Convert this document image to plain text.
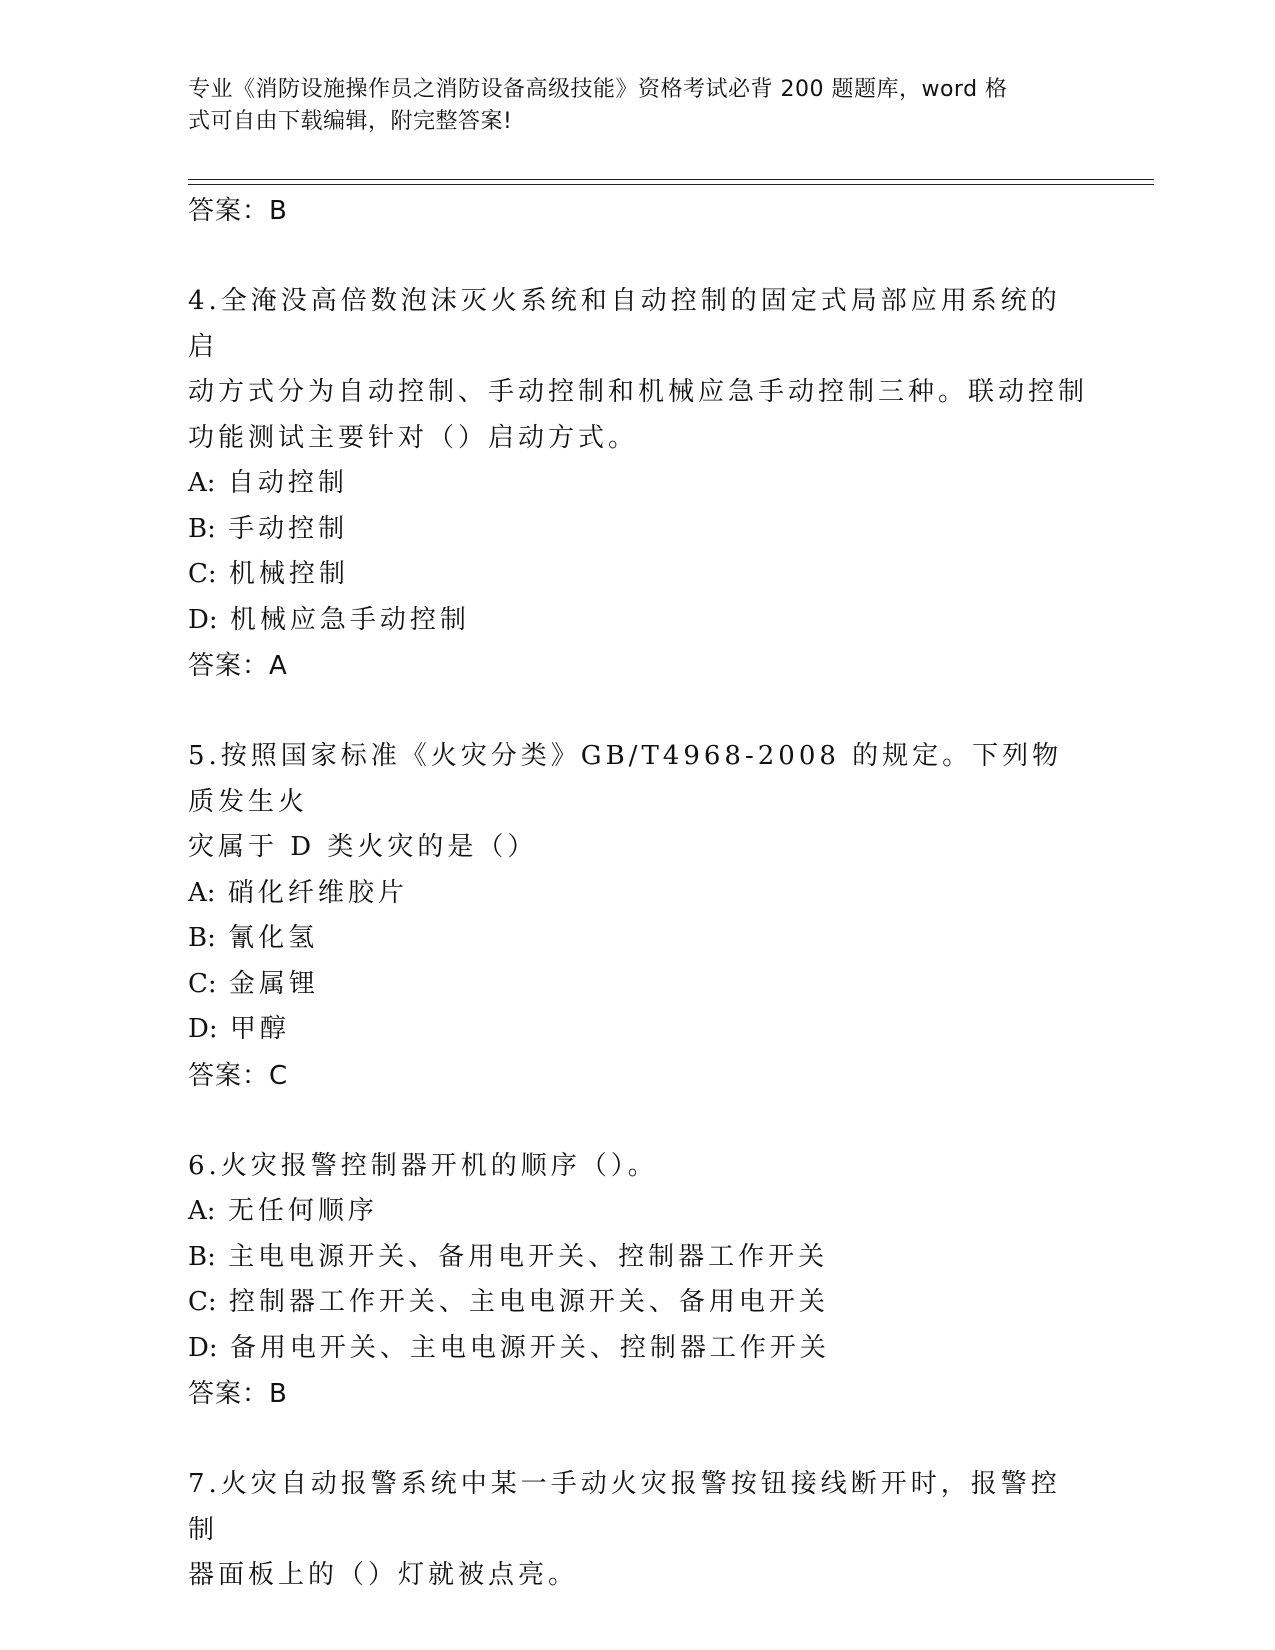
专业《消防设施操作员之消防设备高级技能》资格考试必背 200 题题库，word 格
式可自由下载编辑，附完整答案!
答案：B
4.全淹没高倍数泡沫灭火系统和自动控制的固定式局部应用系统的启
动方式分为自动控制、手动控制和机械应急手动控制三种。联动控制
功能测试主要针对（）启动方式。
A: 自动控制
B: 手动控制
C: 机械控制
D: 机械应急手动控制
答案：A
5.按照国家标准《火灾分类》GB/T4968-2008 的规定。下列物质发生火
灾属于 D 类火灾的是（）
A: 硝化纤维胶片
B: 氰化氢
C: 金属锂
D: 甲醇
答案：C
6.火灾报警控制器开机的顺序（）。
A: 无任何顺序
B: 主电电源开关、备用电开关、控制器工作开关
C: 控制器工作开关、主电电源开关、备用电开关
D: 备用电开关、主电电源开关、控制器工作开关
答案：B
7.火灾自动报警系统中某一手动火灾报警按钮接线断开时，报警控制
器面板上的（）灯就被点亮。
